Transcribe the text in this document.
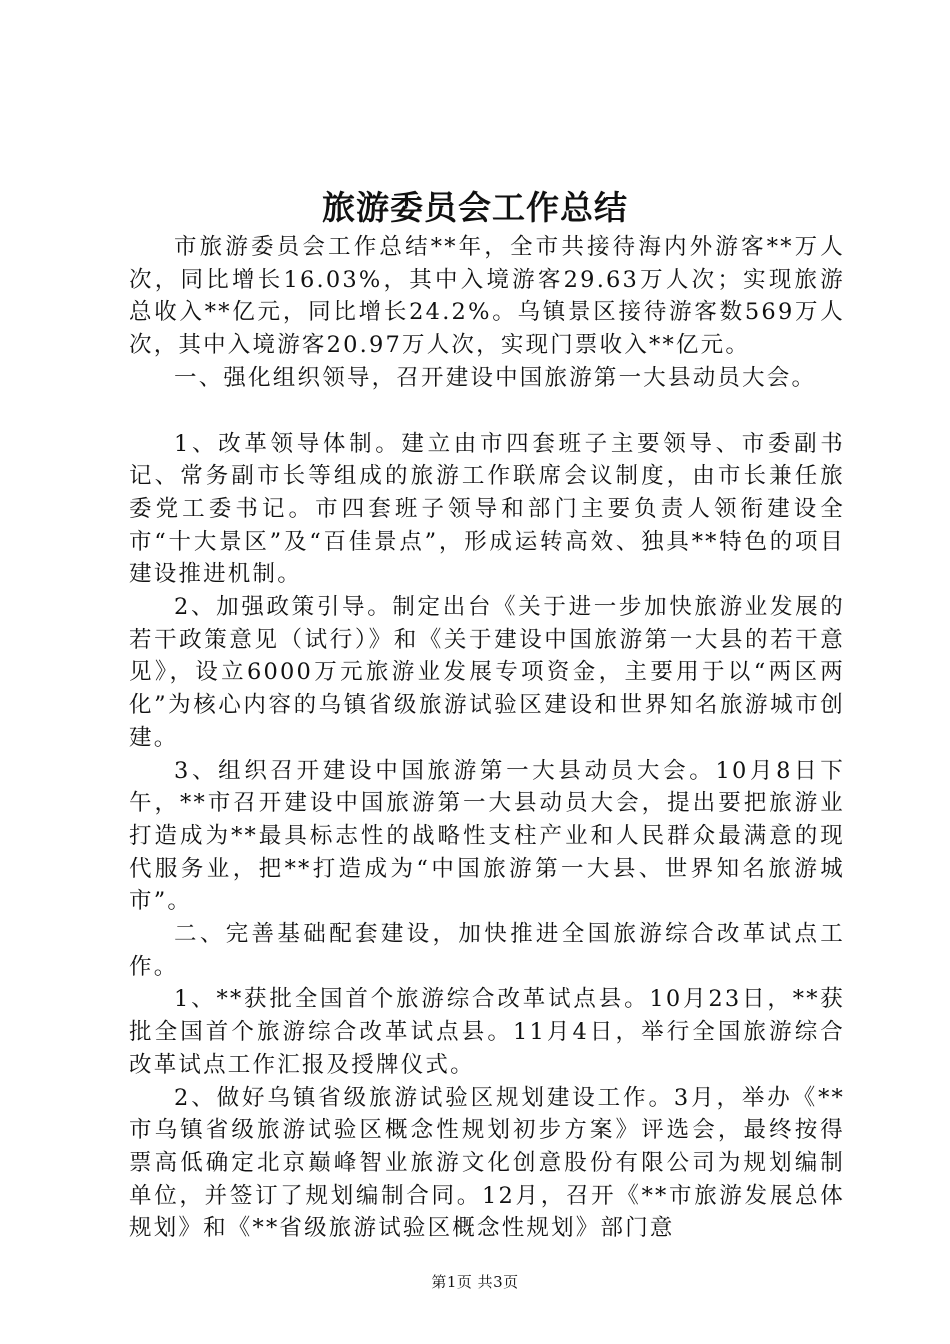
旅游委员会工作总结

市旅游委员会工作总结**年，全市共接待海内外游客**万人次，同比增长16.03%，其中入境游客29.63万人次；实现旅游总收入**亿元，同比增长24.2%。乌镇景区接待游客数569万人次，其中入境游客20.97万人次，实现门票收入**亿元。

一、强化组织领导，召开建设中国旅游第一大县动员大会。

1、改革领导体制。建立由市四套班子主要领导、市委副书记、常务副市长等组成的旅游工作联席会议制度，由市长兼任旅委党工委书记。市四套班子领导和部门主要负责人领衔建设全市“十大景区”及“百佳景点”，形成运转高效、独具**特色的项目建设推进机制。

2、加强政策引导。制定出台《关于进一步加快旅游业发展的若干政策意见（试行）》和《关于建设中国旅游第一大县的若干意见》，设立6000万元旅游业发展专项资金，主要用于以“两区两化”为核心内容的乌镇省级旅游试验区建设和世界知名旅游城市创建。

3、组织召开建设中国旅游第一大县动员大会。10月8日下午，**市召开建设中国旅游第一大县动员大会，提出要把旅游业打造成为**最具标志性的战略性支柱产业和人民群众最满意的现代服务业，把**打造成为“中国旅游第一大县、世界知名旅游城市”。

二、完善基础配套建设，加快推进全国旅游综合改革试点工作。

1、**获批全国首个旅游综合改革试点县。10月23日，**获批全国首个旅游综合改革试点县。11月4日，举行全国旅游综合改革试点工作汇报及授牌仪式。

2、做好乌镇省级旅游试验区规划建设工作。3月，举办《**市乌镇省级旅游试验区概念性规划初步方案》评选会，最终按得票高低确定北京巅峰智业旅游文化创意股份有限公司为规划编制单位，并签订了规划编制合同。12月，召开《**市旅游发展总体规划》和《**省级旅游试验区概念性规划》部门意

第1页 共3页
